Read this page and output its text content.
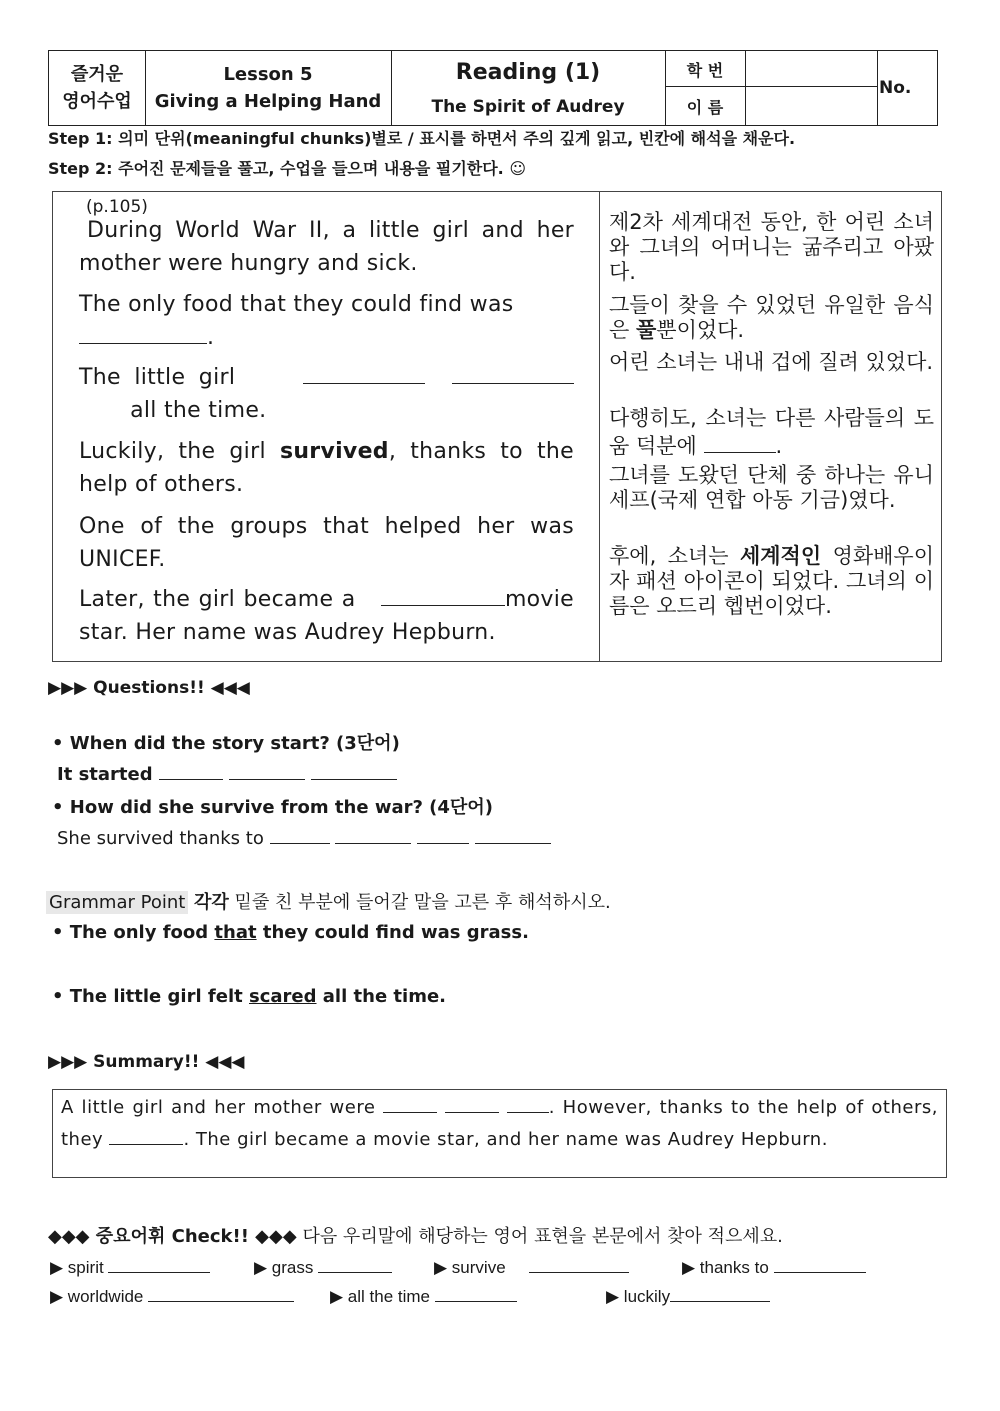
즐거운
영어수업
Lesson 5
Giving a Helping Hand
Reading (1)
The Spirit of Audrey
학 번
이 름
No.
Step 1: 의미 단위(meaningful chunks)별로 / 표시를 하면서 주의 깊게 읽고, 빈칸에 해석을 채운다.
Step 2: 주어진 문제들을 풀고, 수업을 들으며 내용을 필기한다. ☺
(p.105)
During World War II, a little girl and her mother were hungry and sick.
The only food that they could find was
.
The little girl              all the time.
Luckily, the girl survived, thanks to the help of others.
One of the groups that helped her was UNICEF.
Later, the girl became a	movie star. Her name was Audrey Hepburn.
제2차 세계대전 동안, 한 어린 소녀와 그녀의 어머니는 굶주리고 아팠다.
그들이 찾을 수 있었던 유일한 음식은 풀뿐이었다.
어린 소녀는 내내 겁에 질려 있었다.
다행히도, 소녀는 다른 사람들의 도움 덕분에	.
그녀를 도왔던 단체 중 하나는 유니세프(국제 연합 아동 기금)였다.
후에, 소녀는 세계적인 영화배우이자 패션 아이콘이 되었다. 그녀의 이름은 오드리 헵번이었다.
▶▶▶ Questions!! ◀◀◀
• When did the story start? (3단어)
It started
• How did she survive from the war? (4단어)
She survived thanks to
Grammar Point 각각 밑줄 친 부분에 들어갈 말을 고른 후 해석하시오.
• The only food that they could find was grass.
• The little girl felt scared all the time.
▶▶▶ Summary!! ◀◀◀
A little girl and her mother were	. However, thanks to the help of others, they	. The girl became a movie star, and her name was Audrey Hepburn.
◆◆◆ 중요어휘 Check!! ◆◆◆ 다음 우리말에 해당하는 영어 표현을 본문에서 찾아 적으세요.
▶ spirit	▶ grass	▶ survive	▶ thanks to
▶ worldwide	▶ all the time	▶ luckily
